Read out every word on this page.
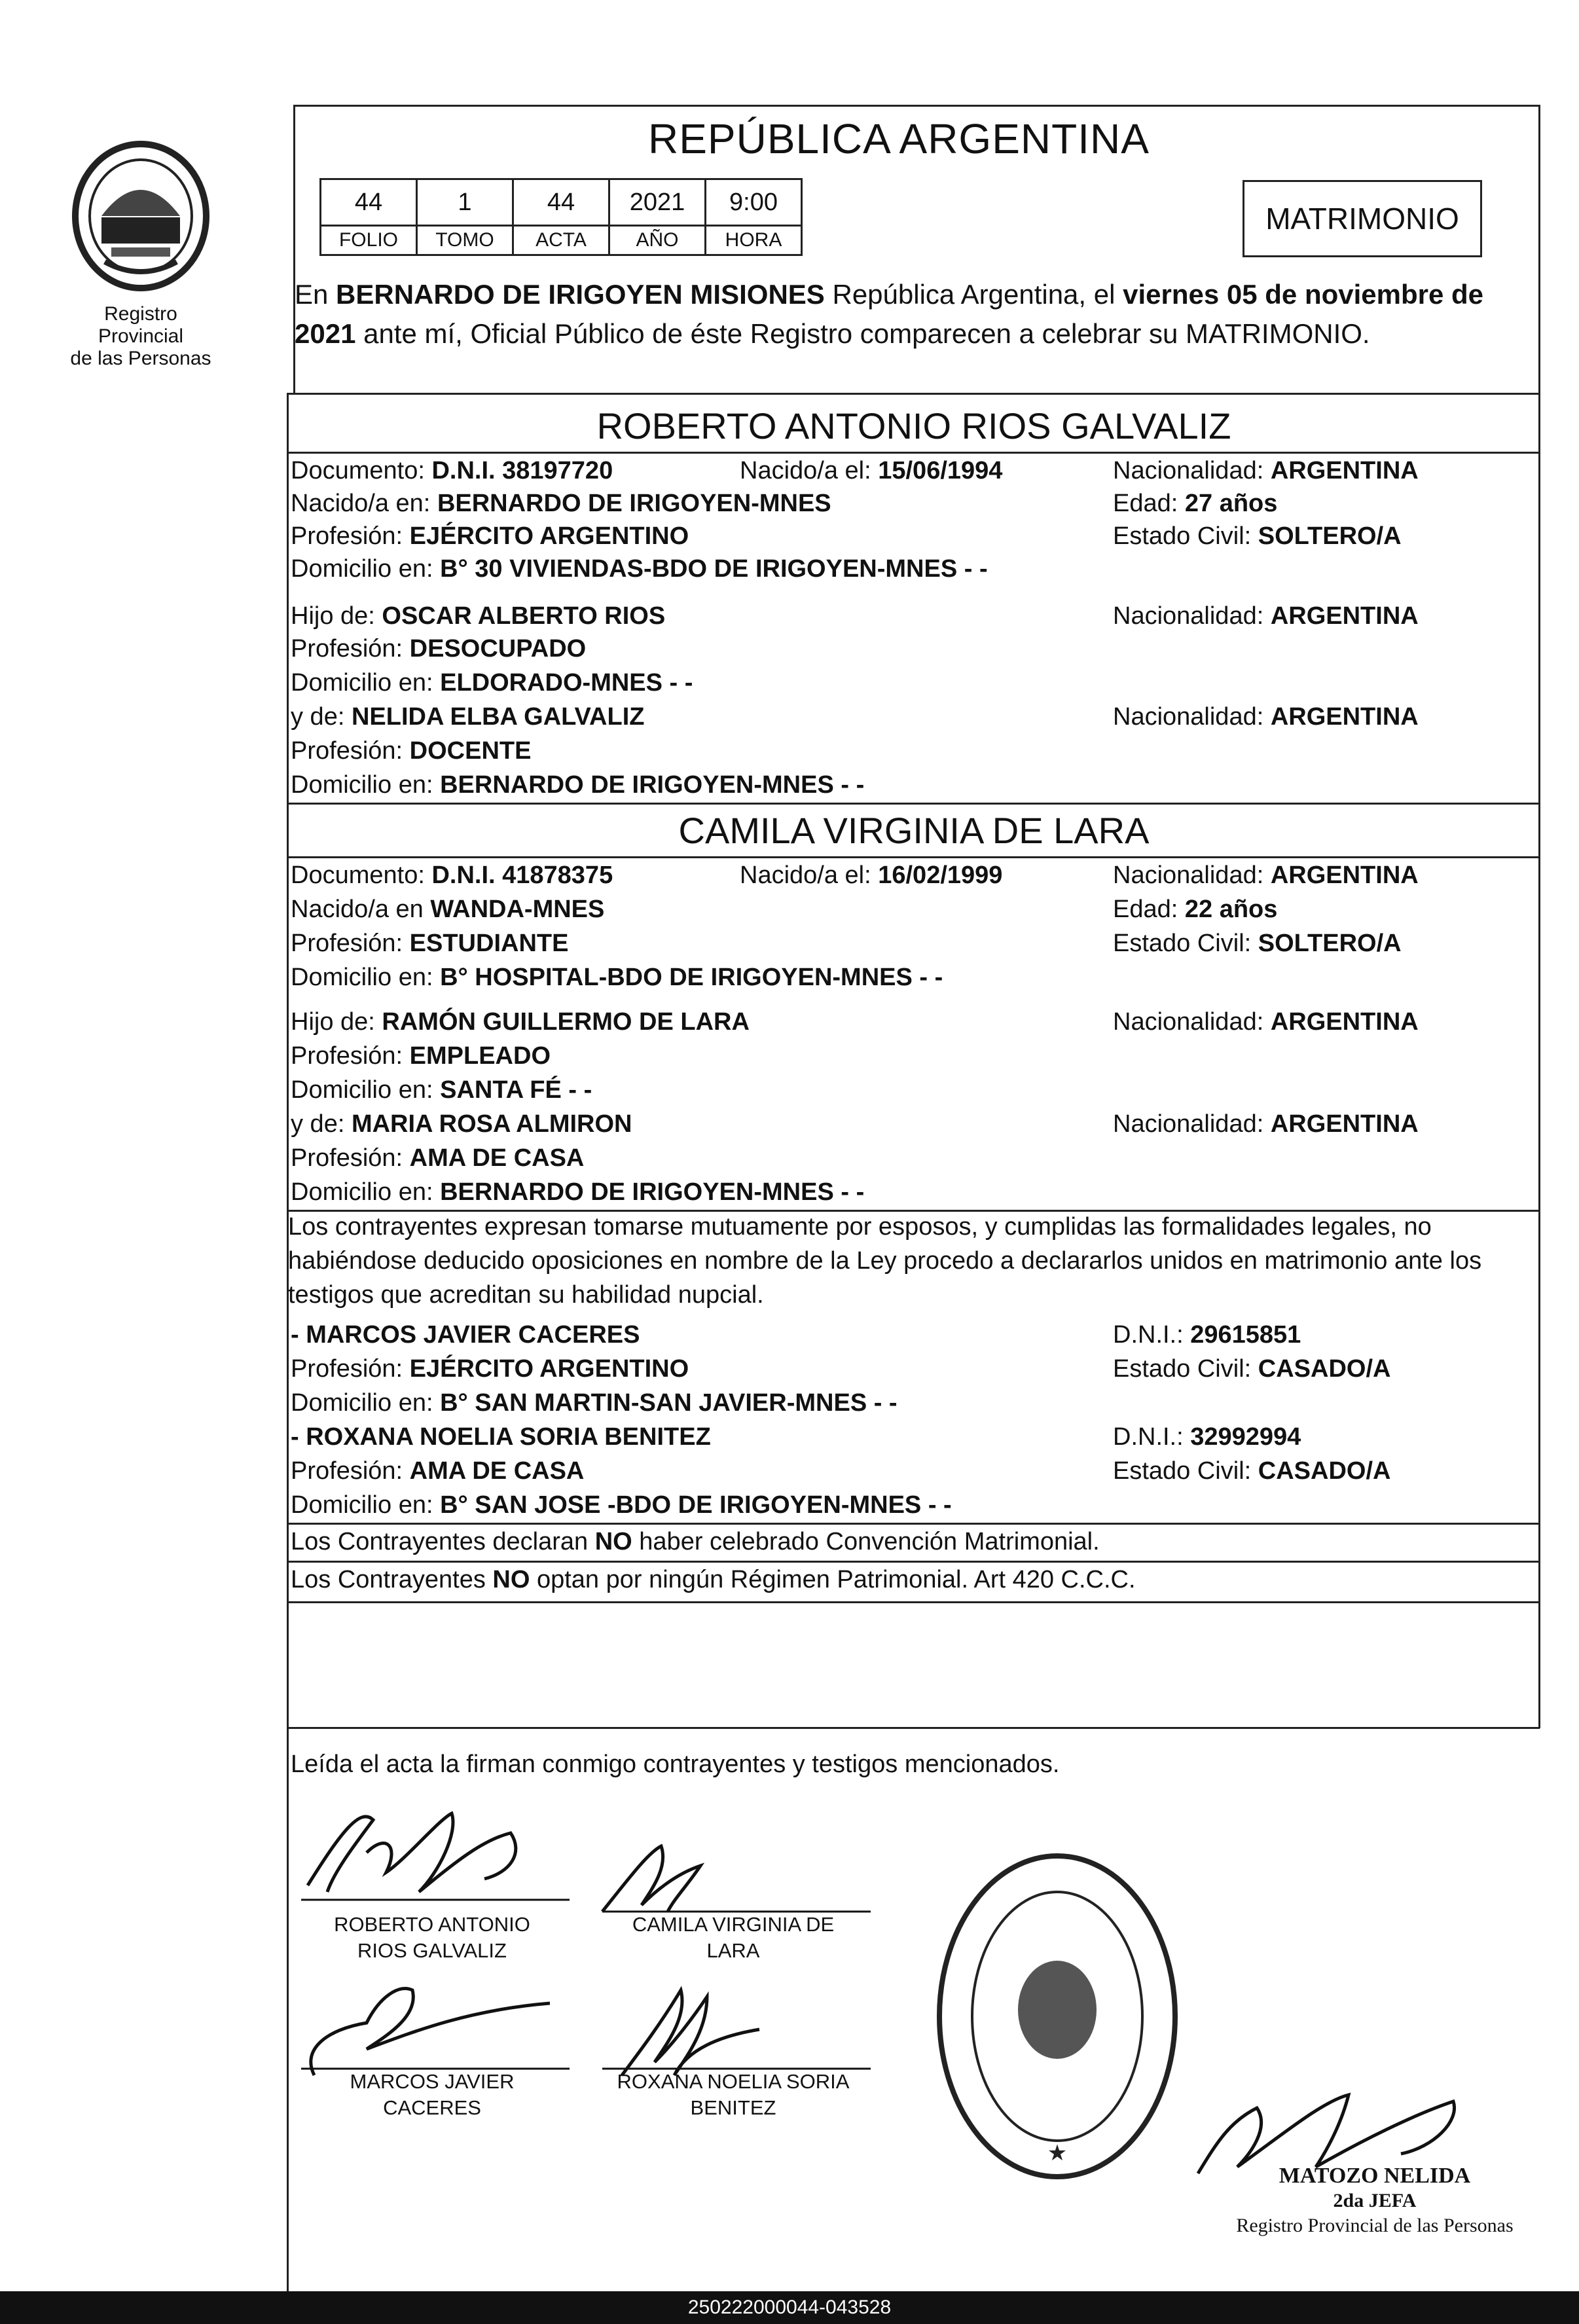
Registro Provincial
de las Personas
REPÚBLICA ARGENTINA
44	1	44	2021	9:00
FOLIO	TOMO	ACTA	AÑO	HORA
MATRIMONIO
En BERNARDO DE IRIGOYEN MISIONES República Argentina, el viernes 05 de noviembre de 2021 ante mí, Oficial Público de éste Registro comparecen a celebrar su MATRIMONIO.
ROBERTO ANTONIO RIOS GALVALIZ
Documento: D.N.I. 38197720	Nacido/a el: 15/06/1994	Nacionalidad: ARGENTINA
Nacido/a en: BERNARDO DE IRIGOYEN-MNES	Edad: 27 años
Profesión: EJÉRCITO ARGENTINO	Estado Civil: SOLTERO/A
Domicilio en: B° 30 VIVIENDAS-BDO DE IRIGOYEN-MNES - -
Hijo de: OSCAR ALBERTO RIOS	Nacionalidad: ARGENTINA
Profesión: DESOCUPADO
Domicilio en: ELDORADO-MNES - -
y de: NELIDA ELBA GALVALIZ	Nacionalidad: ARGENTINA
Profesión: DOCENTE
Domicilio en: BERNARDO DE IRIGOYEN-MNES - -
CAMILA VIRGINIA DE LARA
Documento: D.N.I. 41878375	Nacido/a el: 16/02/1999	Nacionalidad: ARGENTINA
Nacido/a en WANDA-MNES	Edad: 22 años
Profesión: ESTUDIANTE	Estado Civil: SOLTERO/A
Domicilio en: B° HOSPITAL-BDO DE IRIGOYEN-MNES - -
Hijo de: RAMÓN GUILLERMO DE LARA	Nacionalidad: ARGENTINA
Profesión: EMPLEADO
Domicilio en: SANTA FÉ - -
y de: MARIA ROSA ALMIRON	Nacionalidad: ARGENTINA
Profesión: AMA DE CASA
Domicilio en: BERNARDO DE IRIGOYEN-MNES - -
Los contrayentes expresan tomarse mutuamente por esposos, y cumplidas las formalidades legales, no habiéndose deducido oposiciones en nombre de la Ley procedo a declararlos unidos en matrimonio ante los testigos que acreditan su habilidad nupcial.
- MARCOS JAVIER CACERES	D.N.I.: 29615851
Profesión: EJÉRCITO ARGENTINO	Estado Civil: CASADO/A
Domicilio en: B° SAN MARTIN-SAN JAVIER-MNES - -
- ROXANA NOELIA SORIA BENITEZ	D.N.I.: 32992994
Profesión: AMA DE CASA	Estado Civil: CASADO/A
Domicilio en: B° SAN JOSE -BDO DE IRIGOYEN-MNES - -
Los Contrayentes declaran NO haber celebrado Convención Matrimonial.
Los Contrayentes NO optan por ningún Régimen Patrimonial. Art 420 C.C.C.
Leída el acta la firman conmigo contrayentes y testigos mencionados.
ROBERTO ANTONIO
RIOS GALVALIZ
CAMILA VIRGINIA DE
LARA
MARCOS JAVIER
CACERES
ROXANA NOELIA SORIA
BENITEZ
★
MATOZO NELIDA
2da JEFA
Registro Provincial de las Personas
250222000044-043528
